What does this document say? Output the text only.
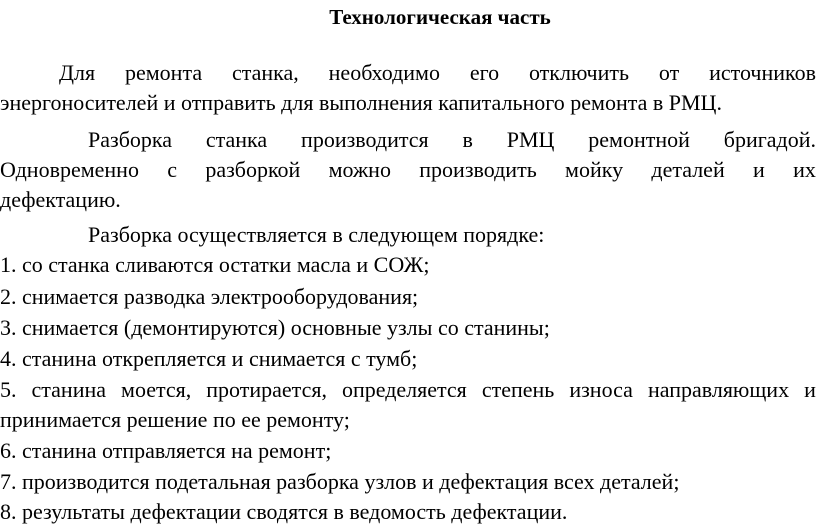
Технологическая часть
Для ремонта станка, необходимо его отключить от источников
энергоносителей и отправить для выполнения капитального ремонта в РМЦ.
Разборка станка производится в РМЦ ремонтной бригадой.
Одновременно с разборкой можно производить мойку деталей и их
дефектацию.
Разборка осуществляется в следующем порядке:
1. со станка сливаются остатки масла и СОЖ;
2. снимается разводка электрооборудования;
3. снимается (демонтируются) основные узлы со станины;
4. станина открепляется и снимается с тумб;
5. станина моется, протирается, определяется степень износа направляющих и
принимается решение по ее ремонту;
6. станина отправляется на ремонт;
7. производится подетальная разборка узлов и дефектация всех деталей;
8. результаты дефектации сводятся в ведомость дефектации.
